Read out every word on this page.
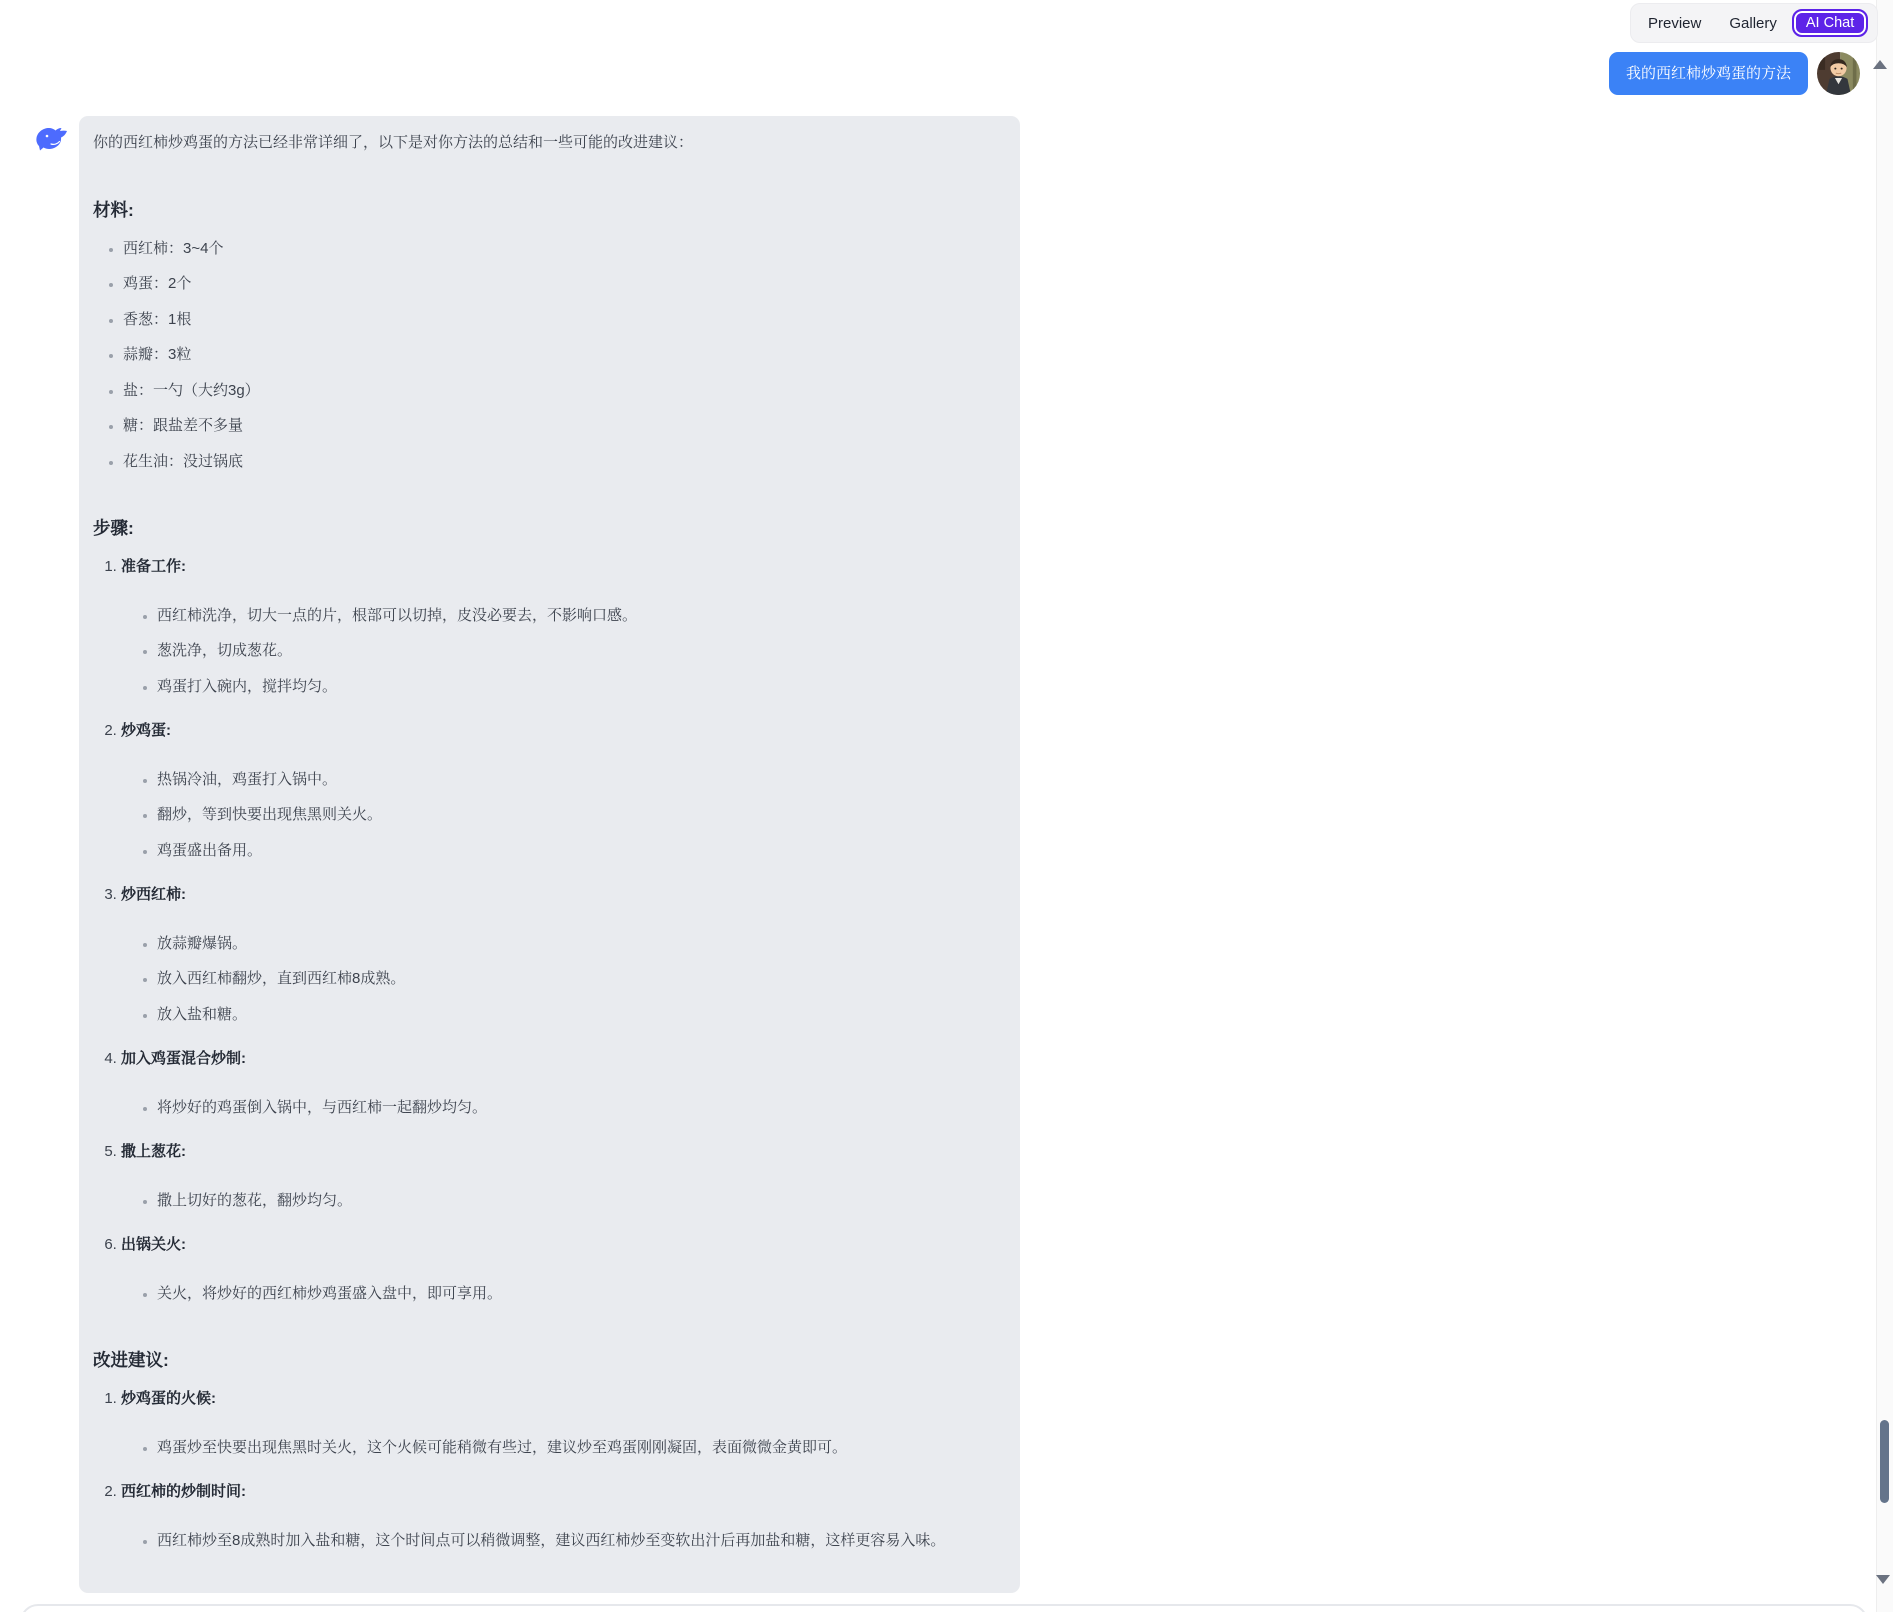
Preview	Gallery	AI Chat
我的西红柿炒鸡蛋的方法

你的西红柿炒鸡蛋的方法已经非常详细了，以下是对你方法的总结和一些可能的改进建议：

材料:
• 西红柿：3~4个
• 鸡蛋：2个
• 香葱：1根
• 蒜瓣：3粒
• 盐：一勺（大约3g）
• 糖：跟盐差不多量
• 花生油：没过锅底
步骤:
1. 准备工作:
• 西红柿洗净，切大一点的片，根部可以切掉，皮没必要去，不影响口感。
• 葱洗净，切成葱花。
• 鸡蛋打入碗内，搅拌均匀。
2. 炒鸡蛋:
• 热锅冷油，鸡蛋打入锅中。
• 翻炒，等到快要出现焦黑则关火。
• 鸡蛋盛出备用。
3. 炒西红柿:
• 放蒜瓣爆锅。
• 放入西红柿翻炒，直到西红柿8成熟。
• 放入盐和糖。
4. 加入鸡蛋混合炒制:
• 将炒好的鸡蛋倒入锅中，与西红柿一起翻炒均匀。
5. 撒上葱花:
• 撒上切好的葱花，翻炒均匀。
6. 出锅关火:
• 关火，将炒好的西红柿炒鸡蛋盛入盘中，即可享用。
改进建议:
1. 炒鸡蛋的火候:
• 鸡蛋炒至快要出现焦黑时关火，这个火候可能稍微有些过，建议炒至鸡蛋刚刚凝固，表面微微金黄即可。
2. 西红柿的炒制时间:
• 西红柿炒至8成熟时加入盐和糖，这个时间点可以稍微调整，建议西红柿炒至变软出汁后再加盐和糖，这样更容易入味。
